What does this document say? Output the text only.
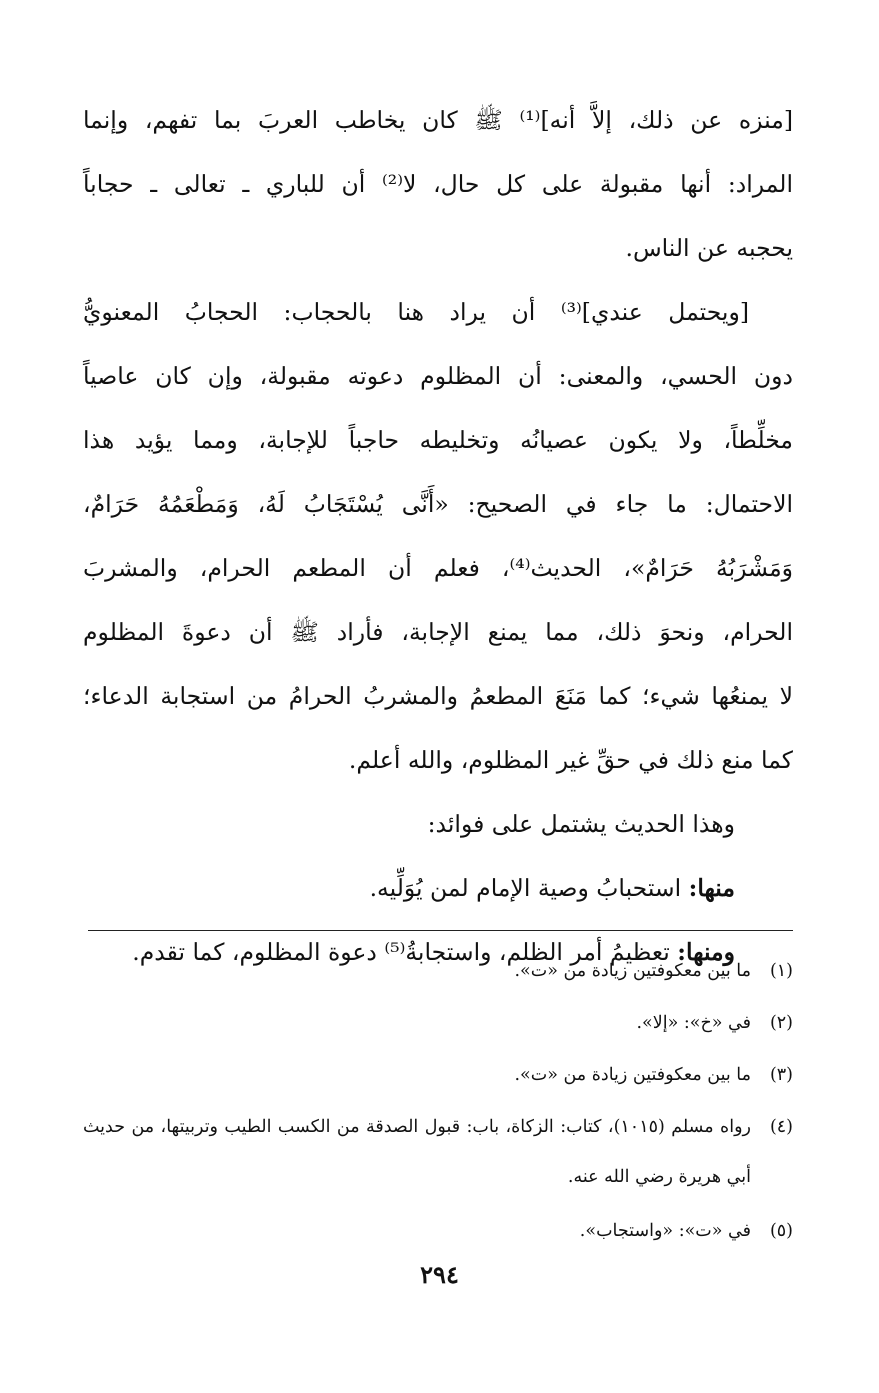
[منزه عن ذلك، إلاَّ أنه]⁽¹⁾ ﷺ كان يخاطب العربَ بما تفهم، وإنما
المراد: أنها مقبولة على كل حال، لا⁽²⁾ أن للباري ـ تعالى ـ حجاباً
يحجبه عن الناس.
[ويحتمل عندي]⁽³⁾ أن يراد هنا بالحجاب: الحجابُ المعنويُّ
دون الحسي، والمعنى: أن المظلوم دعوته مقبولة، وإن كان عاصياً
مخلِّطاً، ولا يكون عصيانُه وتخليطه حاجباً للإجابة، ومما يؤيد هذا
الاحتمال: ما جاء في الصحيح: «أَنَّى يُسْتَجَابُ لَهُ، وَمَطْعَمُهُ حَرَامٌ،
وَمَشْرَبُهُ حَرَامٌ»، الحديث⁽⁴⁾، فعلم أن المطعم الحرام، والمشربَ
الحرام، ونحوَ ذلك، مما يمنع الإجابة، فأراد ﷺ أن دعوةَ المظلوم
لا يمنعُها شيء؛ كما مَنَعَ المطعمُ والمشربُ الحرامُ من استجابة الدعاء؛
كما منع ذلك في حقِّ غير المظلوم، والله أعلم.
وهذا الحديث يشتمل على فوائد:
منها: استحبابُ وصية الإمام لمن يُوَلِّيه.
ومنها: تعظيمُ أمر الظلم، واستجابةُ⁽⁵⁾ دعوة المظلوم، كما تقدم.
(١)
ما بين معكوفتين زيادة من «ت».
(٢)
في «خ»: «إلا».
(٣)
ما بين معكوفتين زيادة من «ت».
(٤)
رواه مسلم (١٠١٥)، كتاب: الزكاة، باب: قبول الصدقة من الكسب الطيب وتربيتها، من حديث أبي هريرة رضي الله عنه.
(٥)
في «ت»: «واستجاب».
٢٩٤
